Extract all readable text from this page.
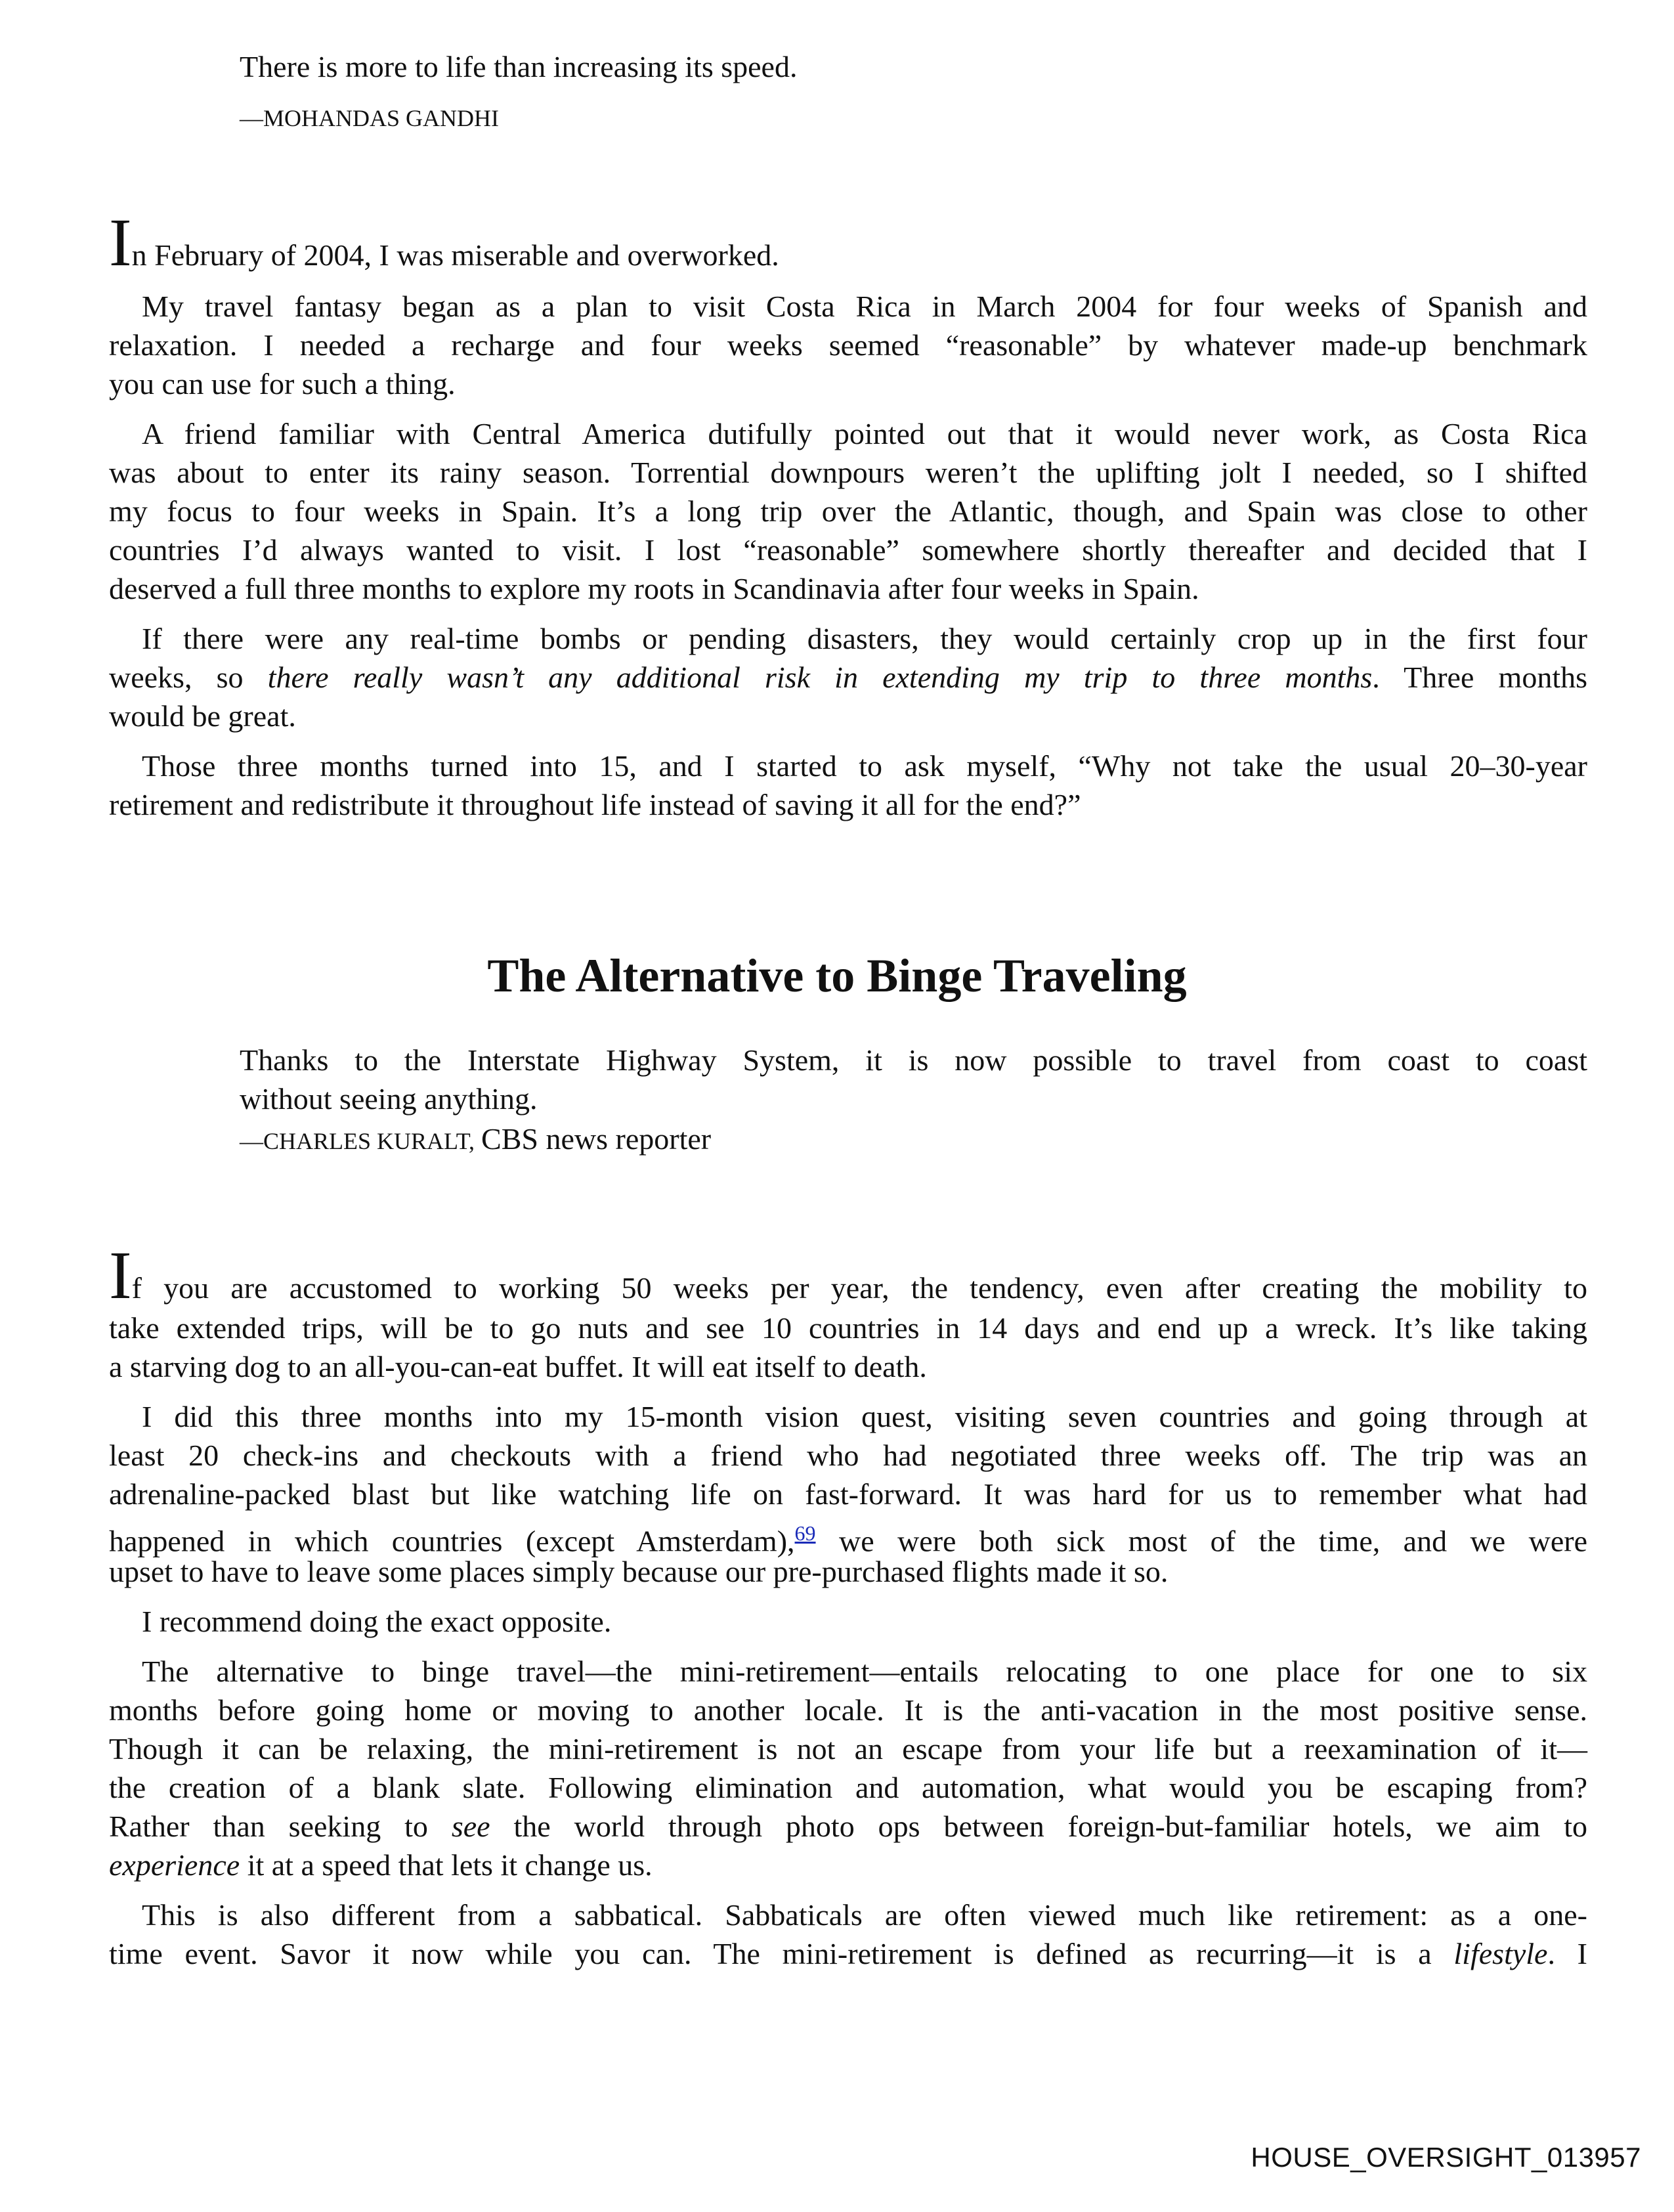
There is more to life than increasing its speed.
—MOHANDAS GANDHI
In February of 2004, I was miserable and overworked.
My travel fantasy began as a plan to visit Costa Rica in March 2004 for four weeks of Spanish and
relaxation. I needed a recharge and four weeks seemed “reasonable” by whatever made-up benchmark
you can use for such a thing.
A friend familiar with Central America dutifully pointed out that it would never work, as Costa Rica
was about to enter its rainy season. Torrential downpours weren’t the uplifting jolt I needed, so I shifted
my focus to four weeks in Spain. It’s a long trip over the Atlantic, though, and Spain was close to other
countries I’d always wanted to visit. I lost “reasonable” somewhere shortly thereafter and decided that I
deserved a full three months to explore my roots in Scandinavia after four weeks in Spain.
If there were any real-time bombs or pending disasters, they would certainly crop up in the first four
weeks, so there really wasn’t any additional risk in extending my trip to three months. Three months
would be great.
Those three months turned into 15, and I started to ask myself, “Why not take the usual 20–30-year
retirement and redistribute it throughout life instead of saving it all for the end?”
The Alternative to Binge Traveling
Thanks to the Interstate Highway System, it is now possible to travel from coast to coast
without seeing anything.
—CHARLES KURALT, CBS news reporter
If you are accustomed to working 50 weeks per year, the tendency, even after creating the mobility to
take extended trips, will be to go nuts and see 10 countries in 14 days and end up a wreck. It’s like taking
a starving dog to an all-you-can-eat buffet. It will eat itself to death.
I did this three months into my 15-month vision quest, visiting seven countries and going through at
least 20 check-ins and checkouts with a friend who had negotiated three weeks off. The trip was an
adrenaline-packed blast but like watching life on fast-forward. It was hard for us to remember what had
happened in which countries (except Amsterdam),$^{69}$ we were both sick most of the time, and we were
upset to have to leave some places simply because our pre-purchased flights made it so.
I recommend doing the exact opposite.
The alternative to binge travel—the mini-retirement—entails relocating to one place for one to six
months before going home or moving to another locale. It is the anti-vacation in the most positive sense.
Though it can be relaxing, the mini-retirement is not an escape from your life but a reexamination of it—
the creation of a blank slate. Following elimination and automation, what would you be escaping from?
Rather than seeking to see the world through photo ops between foreign-but-familiar hotels, we aim to
experience it at a speed that lets it change us.
This is also different from a sabbatical. Sabbaticals are often viewed much like retirement: as a one-
time event. Savor it now while you can. The mini-retirement is defined as recurring—it is a lifestyle. I
HOUSE_OVERSIGHT_013957
